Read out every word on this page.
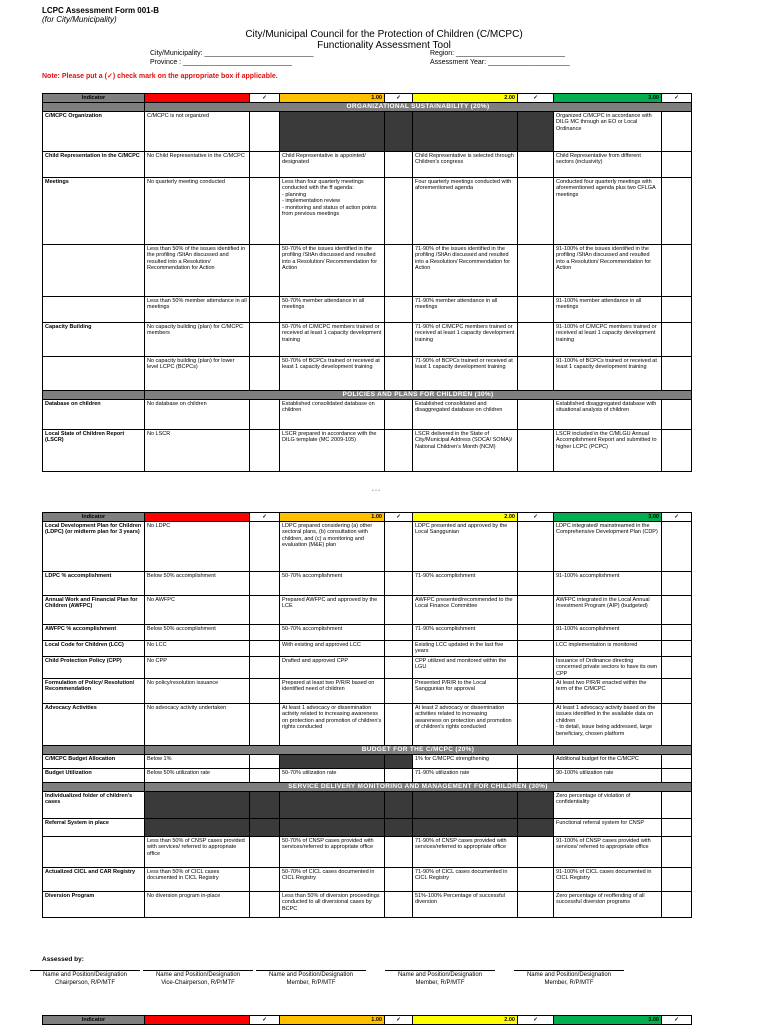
LCPC Assessment Form 001-B
(for City/Municipality)
City/Municipal Council for the Protection of Children (C/MCPC)
Functionality Assessment Tool
City/Municipality: ____________________________
Province : ____________________________
Region: ____________________________
Assessment Year: _____________________
Note: Please put a (✓) check mark on the appropriate box if applicable.
Indicator		✓	1.00	✓	2.00	✓	3.00	✓
	ORGANIZATIONAL SUSTAINABILITY (20%)							
C/MCPC Organization	C/MCPC is not organized						Organized C/MCPC in accordance with DILG MC through an EO or Local Ordinance	
Child Representation in the C/MCPC	No Child Representative in the C/MCPC		Child Representative is appointed/ designated		Child Representative is selected through Children's congress		Child Representative from different sectors (inclusivity)	
Meetings	No quarterly meeting conducted		Less than four quarterly meetings conducted with the ff agenda:
- planning
- implementation review
- monitoring and status of action points from previous meetings		Four quarterly meetings conducted with aforementioned agenda		Conducted four quarterly meetings with aforementioned agenda plus two CFLGA meetings	
	Less than 50% of the issues identified in the profiling /SItAn discussed and resulted into a Resolution/ Recommendation for Action		50-70% of the issues identified in the profiling /SItAn discussed and resulted into a Resolution/ Recommendation for Action		71-90% of the issues identified in the profiling /SItAn discussed and resulted into a Resolution/ Recommendation for Action		91-100% of the issues identified in the profiling /SItAn discussed and resulted into a Resolution/ Recommendation for Action	
	Less than 50% member attendance in all meetings		50-70% member attendance in all meetings		71-90% member attendance in all meetings		91-100% member attendance in all meetings	
Capacity Building	No capacity building (plan) for C/MCPC members		50-70% of C/MCPC members trained or received at least 1 capacity development training		71-90% of C/MCPC members trained or received at least 1 capacity development training		91-100% of C/MCPC members trained or received at least 1 capacity development training	
	No capacity building (plan) for lower level LCPC (BCPCs)		50-70% of BCPCs trained or received at least 1 capacity development training		71-90% of BCPCs trained or received at least 1 capacity development training		91-100% of BCPCs trained or received at least 1 capacity development training	
	POLICIES AND PLANS FOR CHILDREN (30%)							
Database on children	No database on children		Established consolidated database on children		Established consolidated and disaggregated database on children		Established disaggregated database with situational analysis of children	
Local State of Children Report (LSCR)	No LSCR		LSCR prepared in accordance with the DILG template (MC 2009-105)		LSCR delivered in the State of City/Municipal Address (SOCA/ SOMA)/ National Children's Month (NCM)		LSCR included in the C/MLGU Annual Accomplishment Report and submitted to higher LCPC (PCPC)	
• • •
Indicator		✓	1.00	✓	2.00	✓	3.00	✓
Local Development Plan for Children (LDPC) (or midterm plan for 3 years)	No LDPC		LDPC prepared considering (a) other sectoral plans, (b) consultation with children, and (c) a monitoring and evaluation (M&E) plan		LDPC presented and approved by the Local Sanggunian		LDPC integrated/ mainstreamed in the Comprehensive Development Plan (CDP)	
LDPC % accomplishment	Below 50% accomplishment		50-70% accomplishment		71-90% accomplishment		91-100% accomplishment	
Annual Work and Financial Plan for Children (AWFPC)	No AWFPC		Prepared AWFPC and approved by the LCE		AWFPC presented/recommended to the Local Finance Committee		AWFPC integrated in the Local Annual Investment Program (AIP) (budgeted)	
AWFPC % accomplishment	Below 50% accomplishment		50-70% accomplishment		71-90% accomplishment		91-100% accomplishment	
Local Code for Children (LCC)	No LCC		With existing and approved LCC		Existing LCC updated in the last five years		LCC implementation is monitored	
Child Protection Policy (CPP)	No CPP		Drafted and approved CPP		CPP utilized and monitored within the LGU		Issuance of Ordinance directing concerned private sectors to have its own CPP	
Formulation of Policy/ Resolution/ Recommendation	No policy/resolution issuance		Prepared at least two P/R/R based on identified need of children		Presented P/R/R to the Local Sanggunian for approval		At least two P/R/R enacted within the term of the C/MCPC	
Advocacy Activities	No advocacy activity undertaken		At least 1 advocacy or dissemination activity related to increasing awareness on protection and promotion of children's rights conducted		At least 2 advocacy or dissemination activities related to increasing awareness on protection and promotion of children's rights conducted		At least 1 advocacy activity based on the issues identified in the available data on children
- to detail, issue being addressed, large beneficiary, chosen platform	
	BUDGET FOR THE C/MCPC (20%)							
C/MCPC Budget Allocation	Below 1%				1% for C/MCPC strengthening		Additional budget for the C/MCPC	
Budget Utilization	Below 50% utilization rate		50-70% utilization rate		71-90% utilization rate		90-100% utilization rate	
	SERVICE DELIVERY MONITORING AND MANAGEMENT FOR CHILDREN (30%)							
Individualized folder of children's cases							Zero percentage of violation of confidentiality	
Referral System in place							Functional referral system for CNSP	
	Less than 50% of CNSP cases provided with services/ referred to appropriate office		50-70% of CNSP cases provided with services/referred to appropriate office		71-90% of CNSP cases provided with services/referred to appropriate office		91-100% of CNSP cases provided with services/ referred to appropriate office	
Actualized CICL and CAR Registry	Less than 50% of CICL cases documented in CICL Registry		50-70% of CICL cases documented in CICL Registry		71-90% of CICL cases documented in CICL Registry		91-100% of CICL cases documented in CICL Registry	
Diversion Program	No diversion program in-place		Less than 50% of diversion proceedings conducted to all diversional cases by BCPC		51%-100% Percentage of successful diversion		Zero percentage of reoffending of all successful diversion programs	
Assessed by:
Name and Position/Designation
Chairperson, R/P/MTF
Name and Position/Designation
Vice-Chairperson, R/P/MTF
Name and Position/Designation
Member, R/P/MTF
Name and Position/Designation
Member, R/P/MTF
Name and Position/Designation
Member, R/P/MTF
Indicator		✓	1.00	✓	2.00	✓	3.00	✓
